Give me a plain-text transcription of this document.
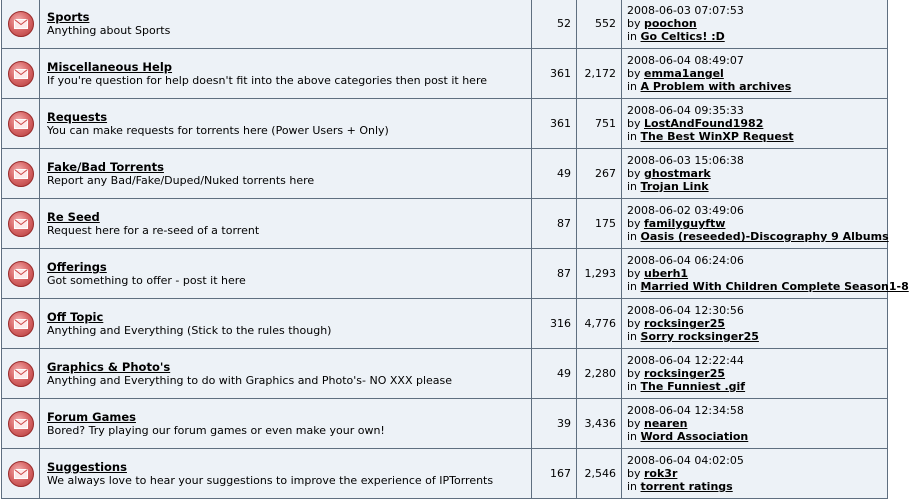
	Sports
Anything about Sports	52	552	2008-06-03 07:07:53
by poochon
in Go Celtics! :D

	Miscellaneous Help
If you're question for help doesn't fit into the above categories then post it here	361	2,172	2008-06-04 08:49:07
by emma1angel
in A Problem with archives

	Requests
You can make requests for torrents here (Power Users + Only)	361	751	2008-06-04 09:35:33
by LostAndFound1982
in The Best WinXP Request

	Fake/Bad Torrents
Report any Bad/Fake/Duped/Nuked torrents here	49	267	2008-06-03 15:06:38
by ghostmark
in Trojan Link

	Re Seed
Request here for a re-seed of a torrent	87	175	2008-06-02 03:49:06
by familyguyftw
in Oasis (reseeded)-Discography 9 Albums

	Offerings
Got something to offer - post it here	87	1,293	2008-06-04 06:24:06
by uberh1
in Married With Children Complete Season1-8

	Off Topic
Anything and Everything (Stick to the rules though)	316	4,776	2008-06-04 12:30:56
by rocksinger25
in Sorry rocksinger25

	Graphics & Photo's
Anything and Everything to do with Graphics and Photo's- NO XXX please	49	2,280	2008-06-04 12:22:44
by rocksinger25
in The Funniest .gif

	Forum Games
Bored? Try playing our forum games or even make your own!	39	3,436	2008-06-04 12:34:58
by nearen
in Word Association

	Suggestions
We always love to hear your suggestions to improve the experience of IPTorrents	167	2,546	2008-06-04 04:02:05
by rok3r
in torrent ratings
